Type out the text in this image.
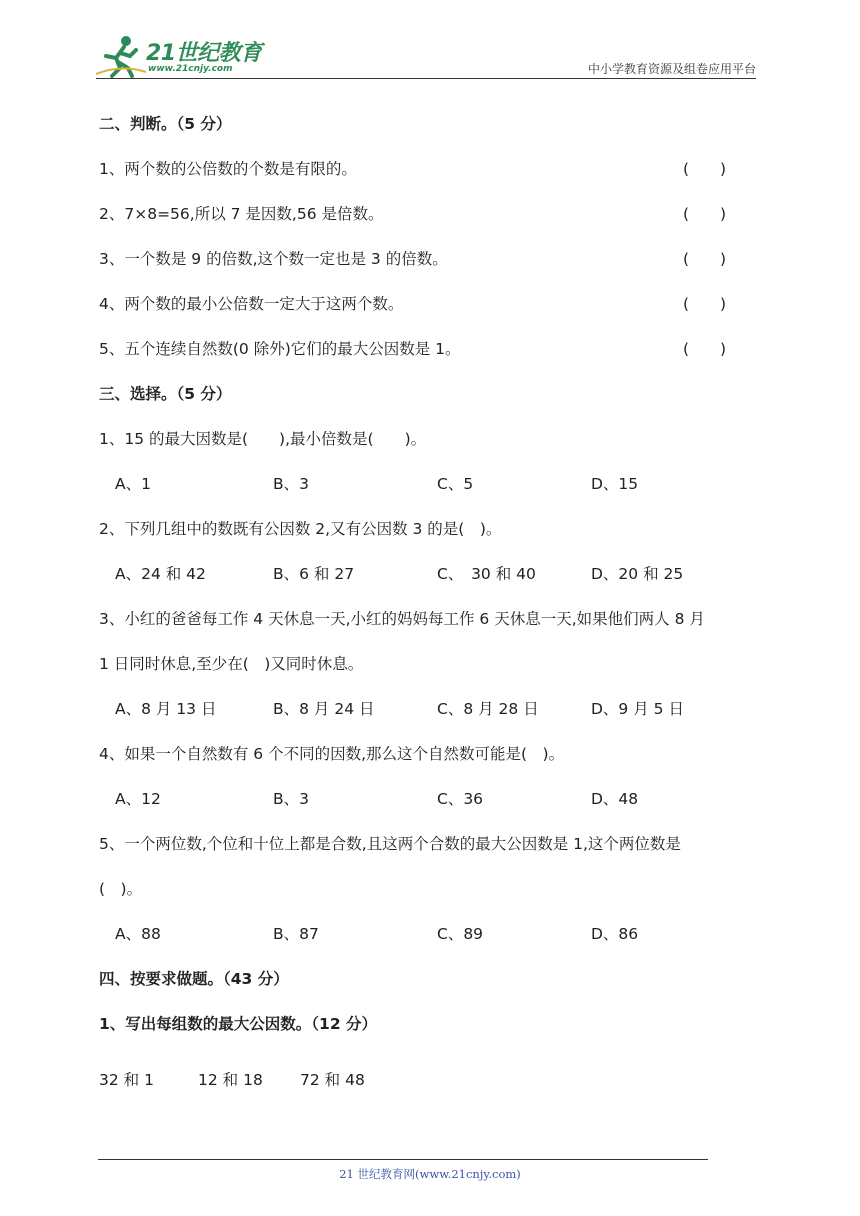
21世纪教育
www.21cnjy.com	中小学教育资源及组卷应用平台
二、判断。（5 分）
1、两个数的公倍数的个数是有限的。	(　　)
2、7×8=56,所以 7 是因数,56 是倍数。	(　　)
3、一个数是 9 的倍数,这个数一定也是 3 的倍数。	(　　)
4、两个数的最小公倍数一定大于这两个数。	(　　)
5、五个连续自然数(0 除外)它们的最大公因数是 1。	(　　)
三、选择。（5 分）
1、15 的最大因数是(　　),最小倍数是(　　)。
A、1	B、3	C、5	D、15
2、下列几组中的数既有公因数 2,又有公因数 3 的是(　)。
A、24 和 42	B、6 和 27	C、　30 和 40	D、20 和 25
3、小红的爸爸每工作 4 天休息一天,小红的妈妈每工作 6 天休息一天,如果他们两人 8 月
1 日同时休息,至少在(　)又同时休息。
A、8 月 13 日	B、8 月 24 日	C、8 月 28 日	D、9 月 5 日
4、如果一个自然数有 6 个不同的因数,那么这个自然数可能是(　)。
A、12	B、3	C、36	D、48
5、一个两位数,个位和十位上都是合数,且这两个合数的最大公因数是 1,这个两位数是
(　)。
A、88	B、87	C、89	D、86
四、按要求做题。（43 分）
1、写出每组数的最大公因数。（12 分）
32 和 1	12 和 18 72 和 48
21 世纪教育网(www.21cnjy.com)
